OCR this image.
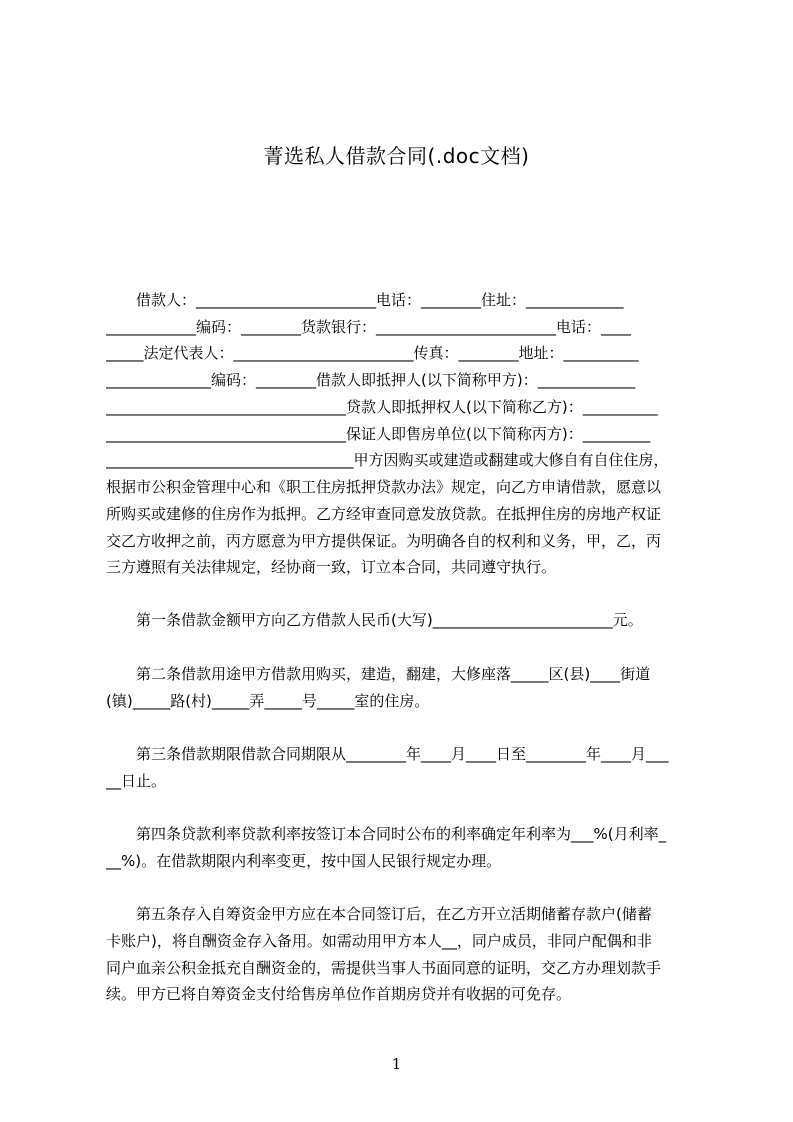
菁选私人借款合同(.doc文档)
　　借款人：________________________电话：________住址：_____________
____________编码：________货款银行：________________________电话：____
_____法定代表人：________________________传真：________地址：__________
______________编码：________借款人即抵押人(以下简称甲方)：_____________
________________________________贷款人即抵押权人(以下简称乙方)：__________
________________________________保证人即售房单位(以下简称丙方)：_________
_________________________________甲方因购买或建造或翻建或大修自有自住住房，
根据市公积金管理中心和《职工住房抵押贷款办法》规定，向乙方申请借款，愿意以
所购买或建修的住房作为抵押。乙方经审查同意发放贷款。在抵押住房的房地产权证
交乙方收押之前，丙方愿意为甲方提供保证。为明确各自的权利和义务，甲，乙，丙
三方遵照有关法律规定，经协商一致，订立本合同，共同遵守执行。
　　第一条借款金额甲方向乙方借款人民币(大写)________________________元。
　　第二条借款用途甲方借款用购买，建造，翻建，大修座落_____区(县)____街道
(镇)_____路(村)_____弄_____号_____室的住房。
　　第三条借款期限借款合同期限从________年____月____日至________年____月___
__日止。
　　第四条贷款利率贷款利率按签订本合同时公布的利率确定年利率为___%(月利率_
__%)。在借款期限内利率变更，按中国人民银行规定办理。
　　第五条存入自筹资金甲方应在本合同签订后，在乙方开立活期储蓄存款户(储蓄
卡账户)，将自酬资金存入备用。如需动用甲方本人__，同户成员，非同户配偶和非
同户血亲公积金抵充自酬资金的，需提供当事人书面同意的证明，交乙方办理划款手
续。甲方已将自筹资金支付给售房单位作首期房贷并有收据的可免存。
1
